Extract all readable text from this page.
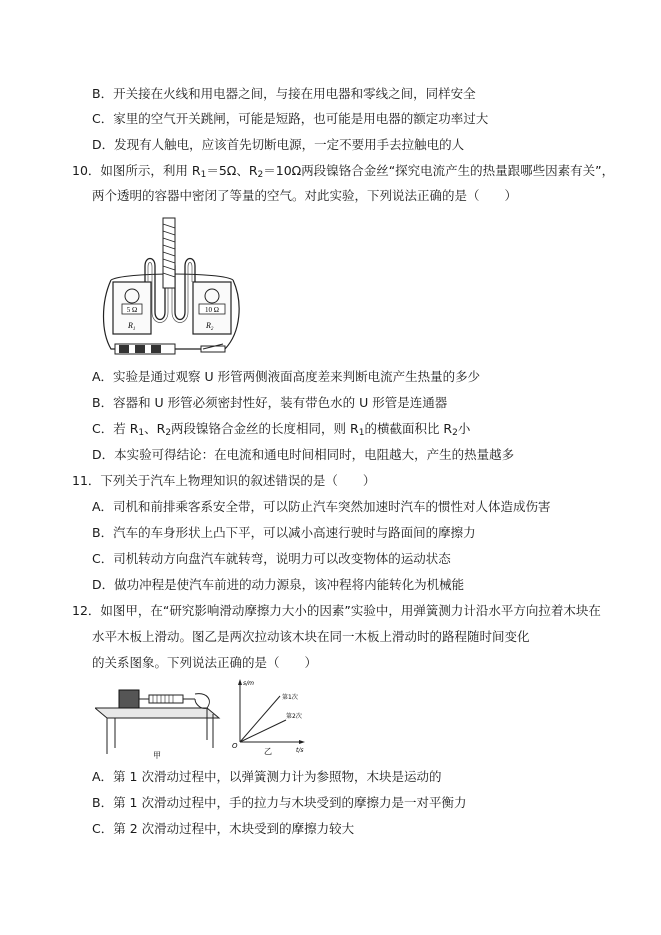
B．开关接在火线和用电器之间，与接在用电器和零线之间，同样安全
C．家里的空气开关跳闸，可能是短路，也可能是用电器的额定功率过大
D．发现有人触电，应该首先切断电源，一定不要用手去拉触电的人
10．如图所示，利用 $R_1=5\Omega$、$R_2=10\Omega$两段镍铬合金丝“探究电流产生的热量跟哪些因素有关”，
两个透明的容器中密闭了等量的空气。对此实验，下列说法正确的是（　　）
5 Ω	10 Ω
$R_1$	$R_2$
A．实验是通过观察 U 形管两侧液面高度差来判断电流产生热量的多少
B．容器和 U 形管必须密封性好，装有带色水的 U 形管是连通器
C．若 $R_1$、$R_2$两段镍铬合金丝的长度相同，则 $R_1$的横截面积比 $R_2$小
D．本实验可得结论：在电流和通电时间相同时，电阻越大，产生的热量越多
11．下列关于汽车上物理知识的叙述错误的是（　　）
A．司机和前排乘客系安全带，可以防止汽车突然加速时汽车的惯性对人体造成伤害
B．汽车的车身形状上凸下平，可以减小高速行驶时与路面间的摩擦力
C．司机转动方向盘汽车就转弯，说明力可以改变物体的运动状态
D．做功冲程是使汽车前进的动力源泉，该冲程将内能转化为机械能
12．如图甲，在“研究影响滑动摩擦力大小的因素”实验中，用弹簧测力计沿水平方向拉着木块在
水平木板上滑动。图乙是两次拉动该木块在同一木板上滑动时的路程随时间变化
的关系图象。下列说法正确的是（　　）
甲
s/m
t/s
O
第1次
第2次
乙
A．第 1 次滑动过程中，以弹簧测力计为参照物，木块是运动的
B．第 1 次滑动过程中，手的拉力与木块受到的摩擦力是一对平衡力
C．第 2 次滑动过程中，木块受到的摩擦力较大
